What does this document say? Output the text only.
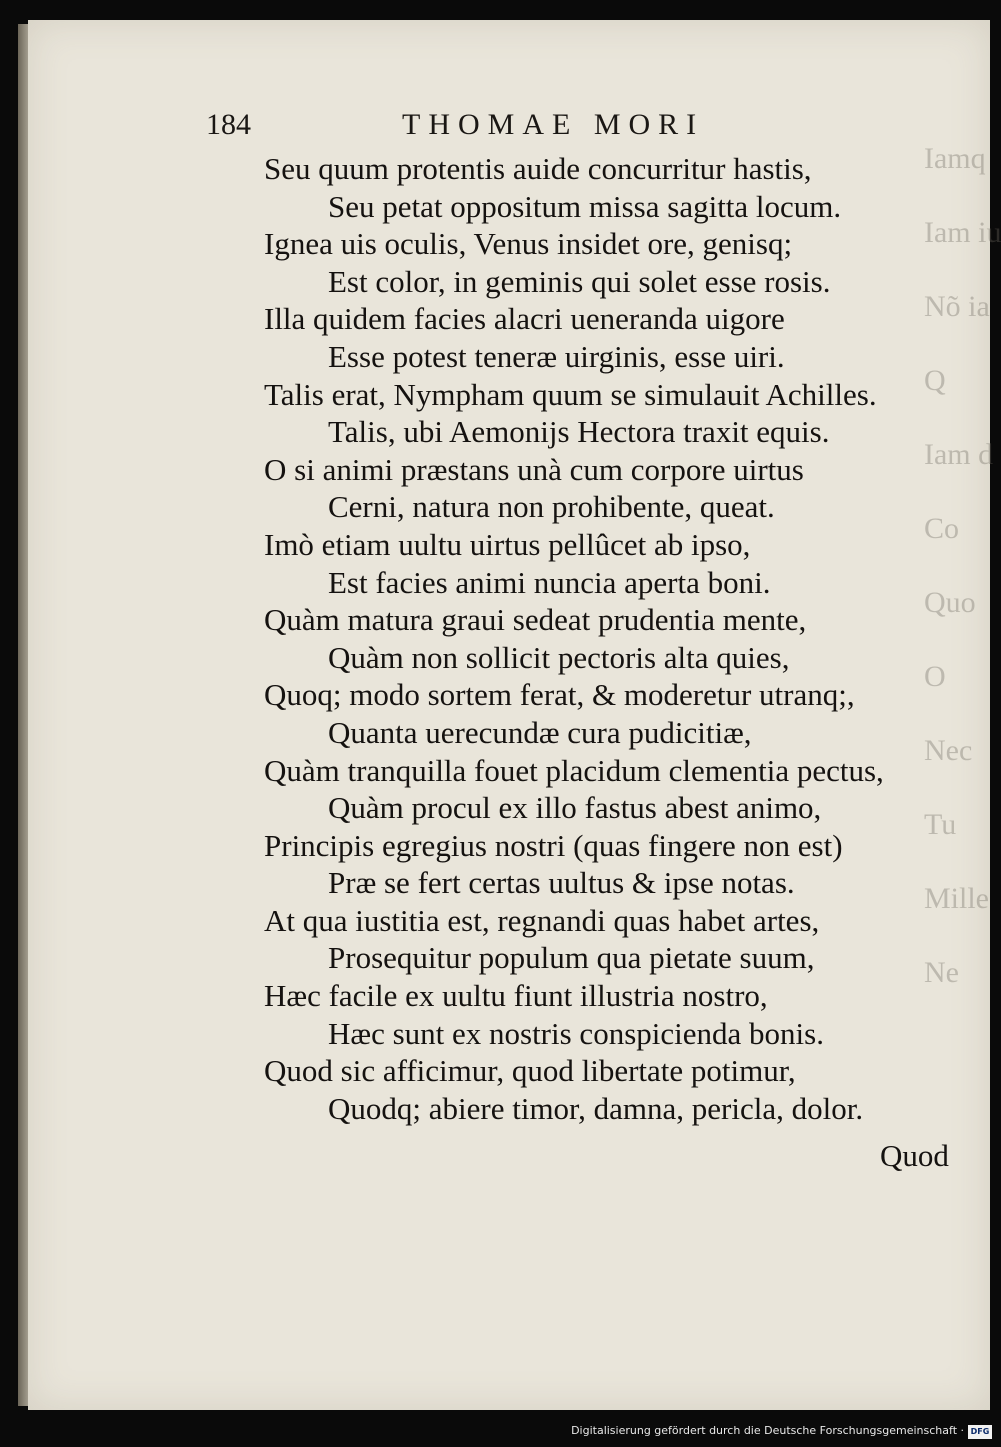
Iamq
Iam iu
Nõ ia
Q
Iam d
Co
Quo
O
Nec
Tu
Mille
Ne
184	THOMAE MORI
Seu quum protentis auide concurritur hastis,
Seu petat oppositum missa sagitta locum.
Ignea uis oculis, Venus insidet ore, genisq;
Est color, in geminis qui solet esse rosis.
Illa quidem facies alacri ueneranda uigore
Esse potest teneræ uirginis, esse uiri.
Talis erat, Nympham quum se simulauit Achilles.
Talis, ubi Aemonijs Hectora traxit equis.
O si animi præstans unà cum corpore uirtus
Cerni, natura non prohibente, queat.
Imò etiam uultu uirtus pellûcet ab ipso,
Est facies animi nuncia aperta boni.
Quàm matura graui sedeat prudentia mente,
Quàm non sollicit pectoris alta quies,
Quoq; modo sortem ferat, & moderetur utranq;,
Quanta uerecundæ cura pudicitiæ,
Quàm tranquilla fouet placidum clementia pectus,
Quàm procul ex illo fastus abest animo,
Principis egregius nostri (quas fingere non est)
Præ se fert certas uultus & ipse notas.
At qua iustitia est, regnandi quas habet artes,
Prosequitur populum qua pietate suum,
Hæc facile ex uultu fiunt illustria nostro,
Hæc sunt ex nostris conspicienda bonis.
Quod sic afficimur, quod libertate potimur,
Quodq; abiere timor, damna, pericla, dolor.
Quod
Digitalisierung gefördert durch die Deutsche Forschungsgemeinschaft · DFG
